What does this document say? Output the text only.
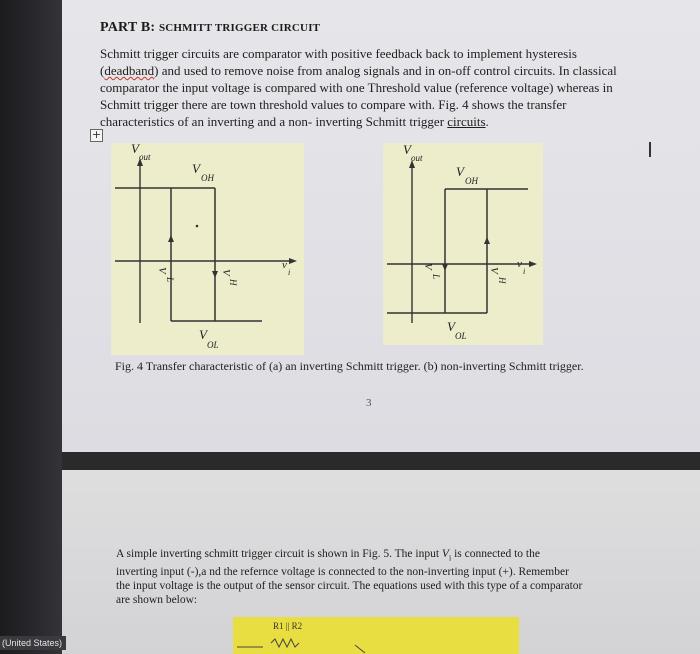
PART B: SCHMITT TRIGGER CIRCUIT

Schmitt trigger circuits are comparator with positive feedback back to implement hysteresis

(deadband) and used to remove noise from analog signals and in on-off control circuits. In classical

comparator the input voltage is compared with one Threshold value (reference voltage) whereas in

Schmitt trigger there are town threshold values to compare with. Fig. 4 shows the transfer

characteristics of an inverting and a non- inverting Schmitt trigger circuits.

+
V
out
V
OH
V
L
V
H
v
i
V
OL
V
out
V
OH
V
L
V
H
v
i
V
OL
Fig. 4 Transfer characteristic of (a) an inverting Schmitt trigger. (b) non-inverting Schmitt trigger.
3

A simple inverting schmitt trigger circuit is shown in Fig. 5. The input $V_i$ is connected to the

inverting input (-),a nd the refernce voltage is connected to the non-inverting input (+). Remember

the input voltage is the output of the sensor circuit. The equations used with this type of a comparator

are shown below:

R1 || R2
(United States)
